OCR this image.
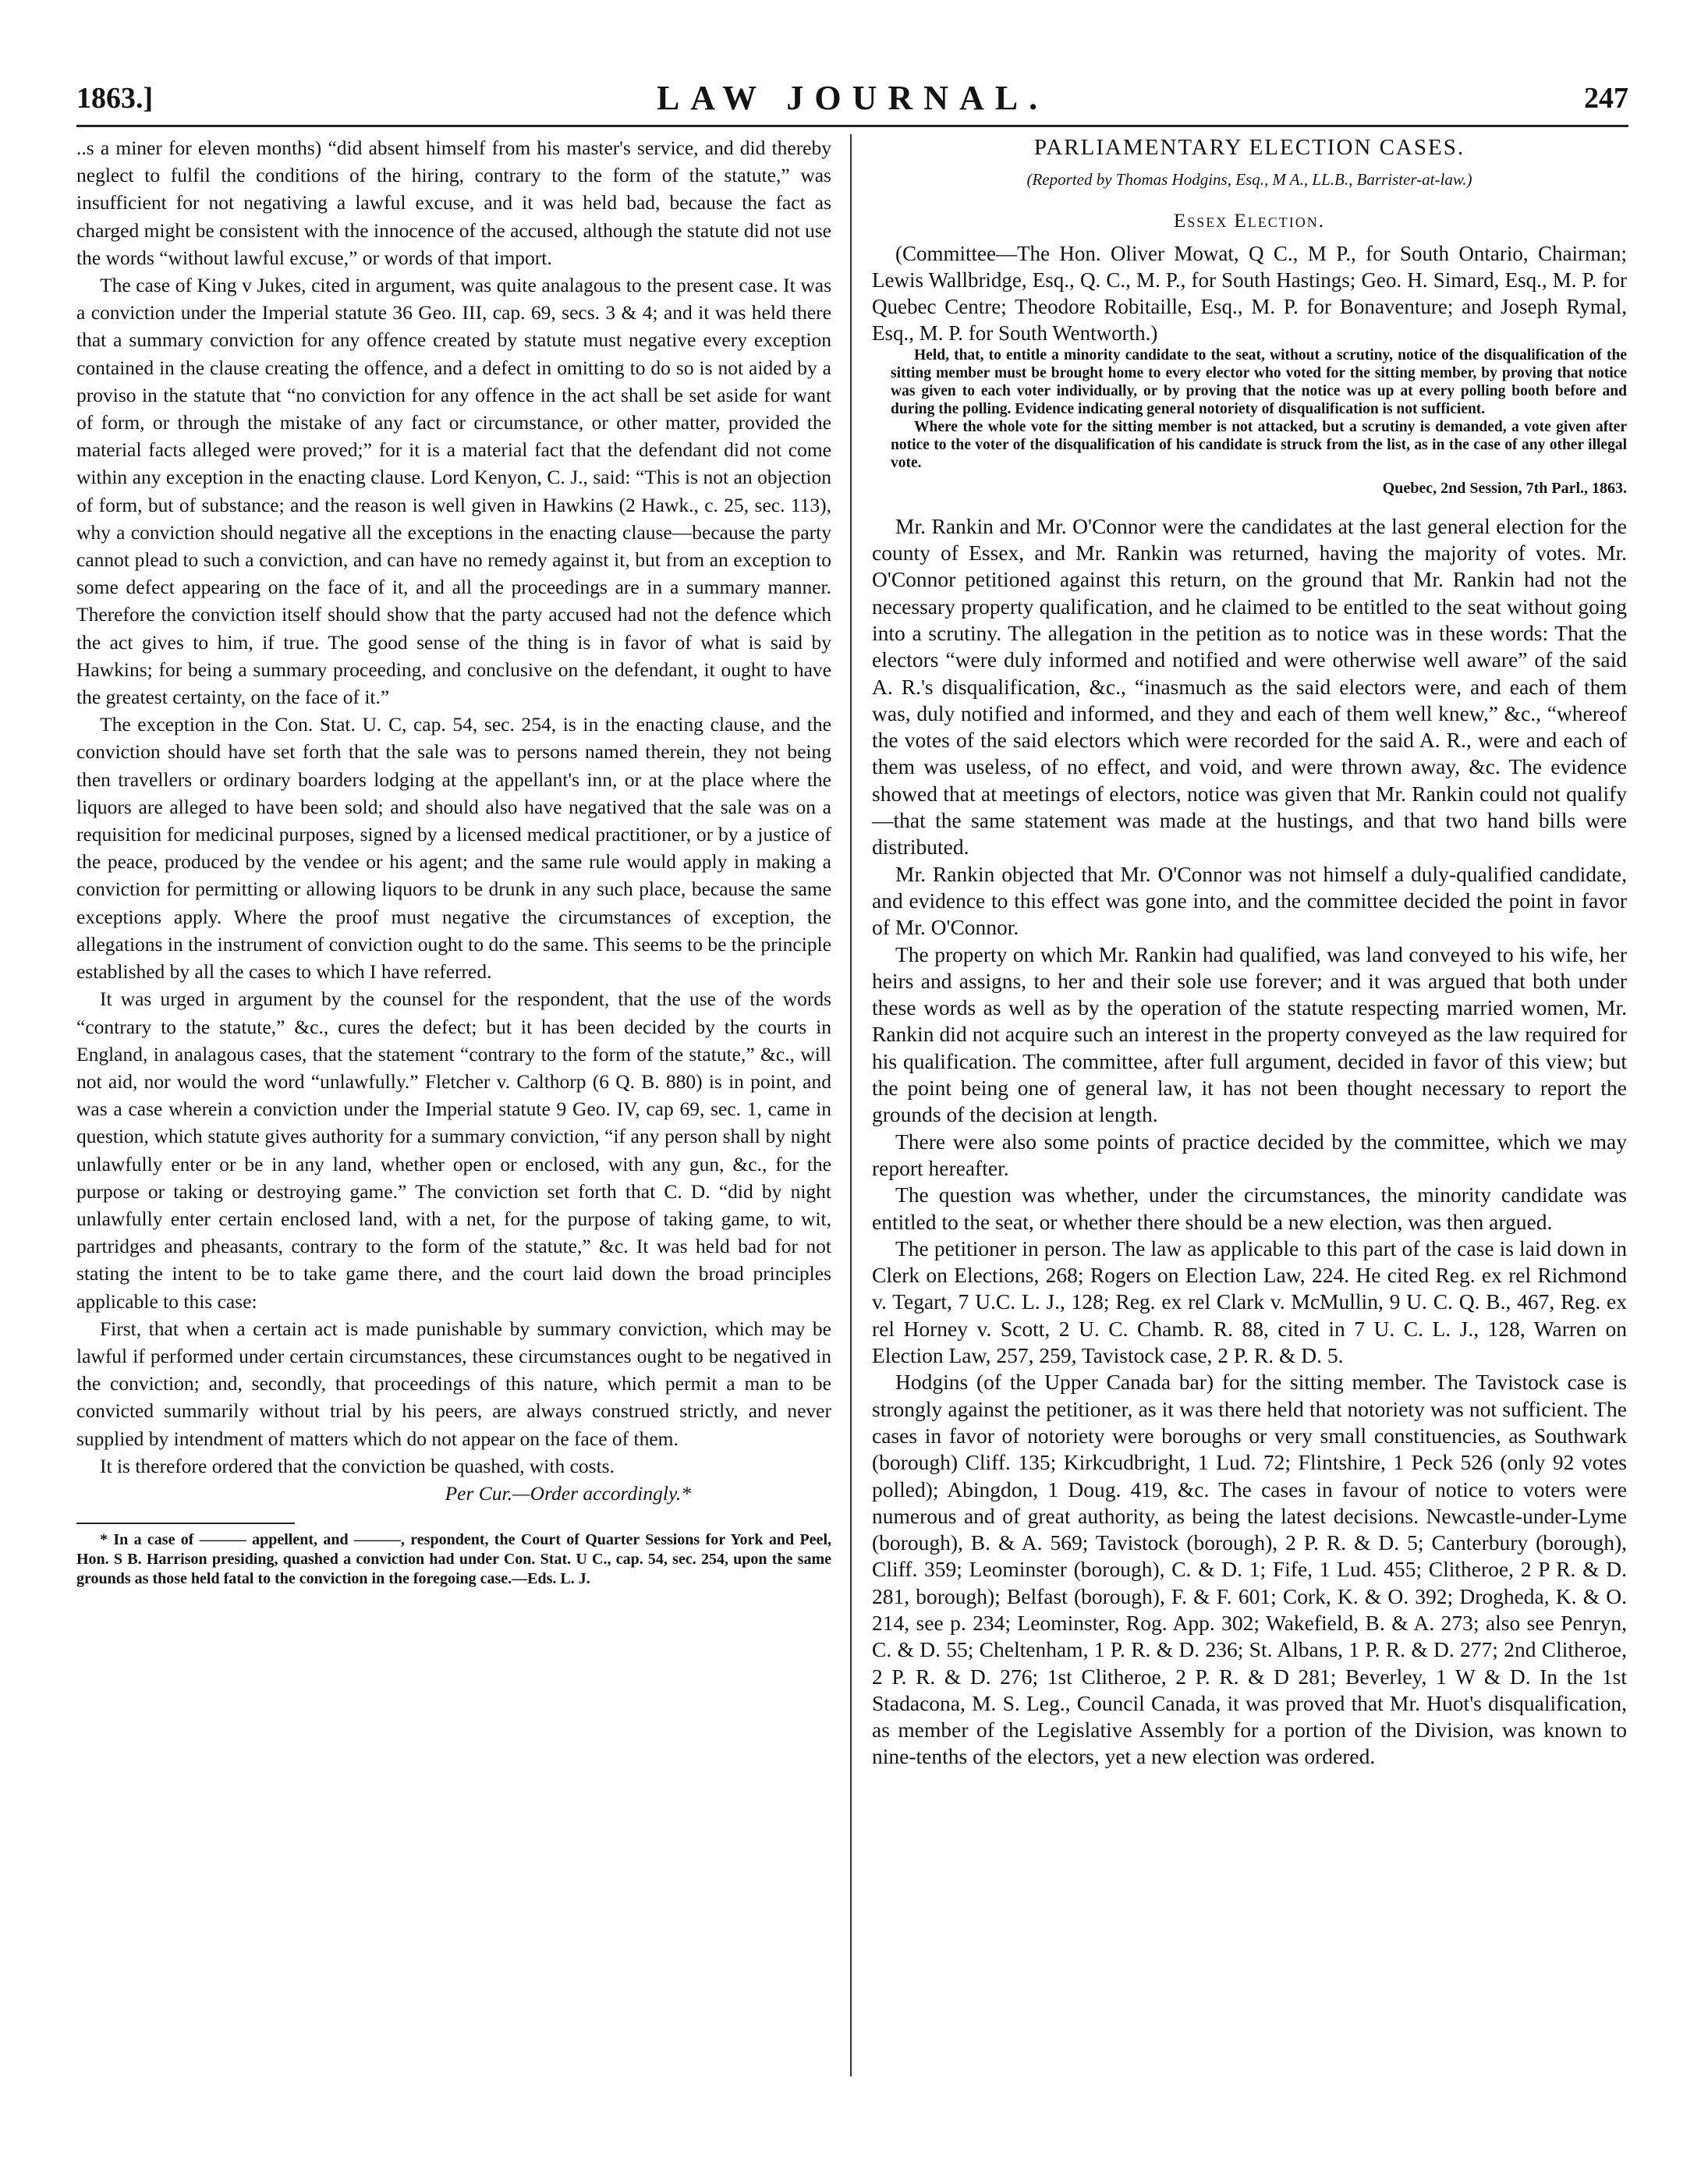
1863.]	LAW JOURNAL.	247

..s a miner for eleven months) “did absent himself from his master's service, and did thereby neglect to fulfil the conditions of the hiring, contrary to the form of the statute,” was insufficient for not negativing a lawful excuse, and it was held bad, because the fact as charged might be consistent with the innocence of the accused, although the statute did not use the words “without lawful excuse,” or words of that import.

The case of King v Jukes, cited in argument, was quite analagous to the present case. It was a conviction under the Imperial statute 36 Geo. III, cap. 69, secs. 3 & 4; and it was held there that a summary conviction for any offence created by statute must negative every exception contained in the clause creating the offence, and a defect in omitting to do so is not aided by a proviso in the statute that “no conviction for any offence in the act shall be set aside for want of form, or through the mistake of any fact or circumstance, or other matter, provided the material facts alleged were proved;” for it is a material fact that the defendant did not come within any exception in the enacting clause. Lord Kenyon, C. J., said: “This is not an objection of form, but of substance; and the reason is well given in Hawkins (2 Hawk., c. 25, sec. 113), why a conviction should negative all the exceptions in the enacting clause—because the party cannot plead to such a conviction, and can have no remedy against it, but from an exception to some defect appearing on the face of it, and all the proceedings are in a summary manner. Therefore the conviction itself should show that the party accused had not the defence which the act gives to him, if true. The good sense of the thing is in favor of what is said by Hawkins; for being a summary proceeding, and conclusive on the defendant, it ought to have the greatest certainty, on the face of it.”

The exception in the Con. Stat. U. C, cap. 54, sec. 254, is in the enacting clause, and the conviction should have set forth that the sale was to persons named therein, they not being then travellers or ordinary boarders lodging at the appellant's inn, or at the place where the liquors are alleged to have been sold; and should also have negatived that the sale was on a requisition for medicinal purposes, signed by a licensed medical practitioner, or by a justice of the peace, produced by the vendee or his agent; and the same rule would apply in making a conviction for permitting or allowing liquors to be drunk in any such place, because the same exceptions apply. Where the proof must negative the circumstances of exception, the allegations in the instrument of conviction ought to do the same. This seems to be the principle established by all the cases to which I have referred.

It was urged in argument by the counsel for the respondent, that the use of the words “contrary to the statute,” &c., cures the defect; but it has been decided by the courts in England, in analagous cases, that the statement “contrary to the form of the statute,” &c., will not aid, nor would the word “unlawfully.” Fletcher v. Calthorp (6 Q. B. 880) is in point, and was a case wherein a conviction under the Imperial statute 9 Geo. IV, cap 69, sec. 1, came in question, which statute gives authority for a summary conviction, “if any person shall by night unlawfully enter or be in any land, whether open or enclosed, with any gun, &c., for the purpose or taking or destroying game.” The conviction set forth that C. D. “did by night unlawfully enter certain enclosed land, with a net, for the purpose of taking game, to wit, partridges and pheasants, contrary to the form of the statute,” &c. It was held bad for not stating the intent to be to take game there, and the court laid down the broad principles applicable to this case:

First, that when a certain act is made punishable by summary conviction, which may be lawful if performed under certain circumstances, these circumstances ought to be negatived in the conviction; and, secondly, that proceedings of this nature, which permit a man to be convicted summarily without trial by his peers, are always construed strictly, and never supplied by intendment of matters which do not appear on the face of them.

It is therefore ordered that the conviction be quashed, with costs.

Per Cur.—Order accordingly.*

* In a case of ——— appellent, and ———, respondent, the Court of Quarter Sessions for York and Peel, Hon. S B. Harrison presiding, quashed a conviction had under Con. Stat. U C., cap. 54, sec. 254, upon the same grounds as those held fatal to the conviction in the foregoing case.—Eds. L. J.

PARLIAMENTARY ELECTION CASES.
(Reported by Thomas Hodgins, Esq., M A., LL.B., Barrister-at-law.)
Essex Election.

(Committee—The Hon. Oliver Mowat, Q C., M P., for South Ontario, Chairman; Lewis Wallbridge, Esq., Q. C., M. P., for South Hastings; Geo. H. Simard, Esq., M. P. for Quebec Centre; Theodore Robitaille, Esq., M. P. for Bonaventure; and Joseph Rymal, Esq., M. P. for South Wentworth.)

Held, that, to entitle a minority candidate to the seat, without a scrutiny, notice of the disqualification of the sitting member must be brought home to every elector who voted for the sitting member, by proving that notice was given to each voter individually, or by proving that the notice was up at every polling booth before and during the polling. Evidence indicating general notoriety of disqualification is not sufficient.

Where the whole vote for the sitting member is not attacked, but a scrutiny is demanded, a vote given after notice to the voter of the disqualification of his candidate is struck from the list, as in the case of any other illegal vote.

Quebec, 2nd Session, 7th Parl., 1863.

Mr. Rankin and Mr. O'Connor were the candidates at the last general election for the county of Essex, and Mr. Rankin was returned, having the majority of votes. Mr. O'Connor petitioned against this return, on the ground that Mr. Rankin had not the necessary property qualification, and he claimed to be entitled to the seat without going into a scrutiny. The allegation in the petition as to notice was in these words: That the electors “were duly informed and notified and were otherwise well aware” of the said A. R.'s disqualification, &c., “inasmuch as the said electors were, and each of them was, duly notified and informed, and they and each of them well knew,” &c., “whereof the votes of the said electors which were recorded for the said A. R., were and each of them was useless, of no effect, and void, and were thrown away, &c. The evidence showed that at meetings of electors, notice was given that Mr. Rankin could not qualify—that the same statement was made at the hustings, and that two hand bills were distributed.

Mr. Rankin objected that Mr. O'Connor was not himself a duly-qualified candidate, and evidence to this effect was gone into, and the committee decided the point in favor of Mr. O'Connor.

The property on which Mr. Rankin had qualified, was land conveyed to his wife, her heirs and assigns, to her and their sole use forever; and it was argued that both under these words as well as by the operation of the statute respecting married women, Mr. Rankin did not acquire such an interest in the property conveyed as the law required for his qualification. The committee, after full argument, decided in favor of this view; but the point being one of general law, it has not been thought necessary to report the grounds of the decision at length.

There were also some points of practice decided by the committee, which we may report hereafter.

The question was whether, under the circumstances, the minority candidate was entitled to the seat, or whether there should be a new election, was then argued.

The petitioner in person. The law as applicable to this part of the case is laid down in Clerk on Elections, 268; Rogers on Election Law, 224. He cited Reg. ex rel Richmond v. Tegart, 7 U.C. L. J., 128; Reg. ex rel Clark v. McMullin, 9 U. C. Q. B., 467, Reg. ex rel Horney v. Scott, 2 U. C. Chamb. R. 88, cited in 7 U. C. L. J., 128, Warren on Election Law, 257, 259, Tavistock case, 2 P. R. & D. 5.

Hodgins (of the Upper Canada bar) for the sitting member. The Tavistock case is strongly against the petitioner, as it was there held that notoriety was not sufficient. The cases in favor of notoriety were boroughs or very small constituencies, as Southwark (borough) Cliff. 135; Kirkcudbright, 1 Lud. 72; Flintshire, 1 Peck 526 (only 92 votes polled); Abingdon, 1 Doug. 419, &c. The cases in favour of notice to voters were numerous and of great authority, as being the latest decisions. Newcastle-under-Lyme (borough), B. & A. 569; Tavistock (borough), 2 P. R. & D. 5; Canterbury (borough), Cliff. 359; Leominster (borough), C. & D. 1; Fife, 1 Lud. 455; Clitheroe, 2 P R. & D. 281, borough); Belfast (borough), F. & F. 601; Cork, K. & O. 392; Drogheda, K. & O. 214, see p. 234; Leominster, Rog. App. 302; Wakefield, B. & A. 273; also see Penryn, C. & D. 55; Cheltenham, 1 P. R. & D. 236; St. Albans, 1 P. R. & D. 277; 2nd Clitheroe, 2 P. R. & D. 276; 1st Clitheroe, 2 P. R. & D 281; Beverley, 1 W & D. In the 1st Stadacona, M. S. Leg., Council Canada, it was proved that Mr. Huot's disqualification, as member of the Legislative Assembly for a portion of the Division, was known to nine-tenths of the electors, yet a new election was ordered.
